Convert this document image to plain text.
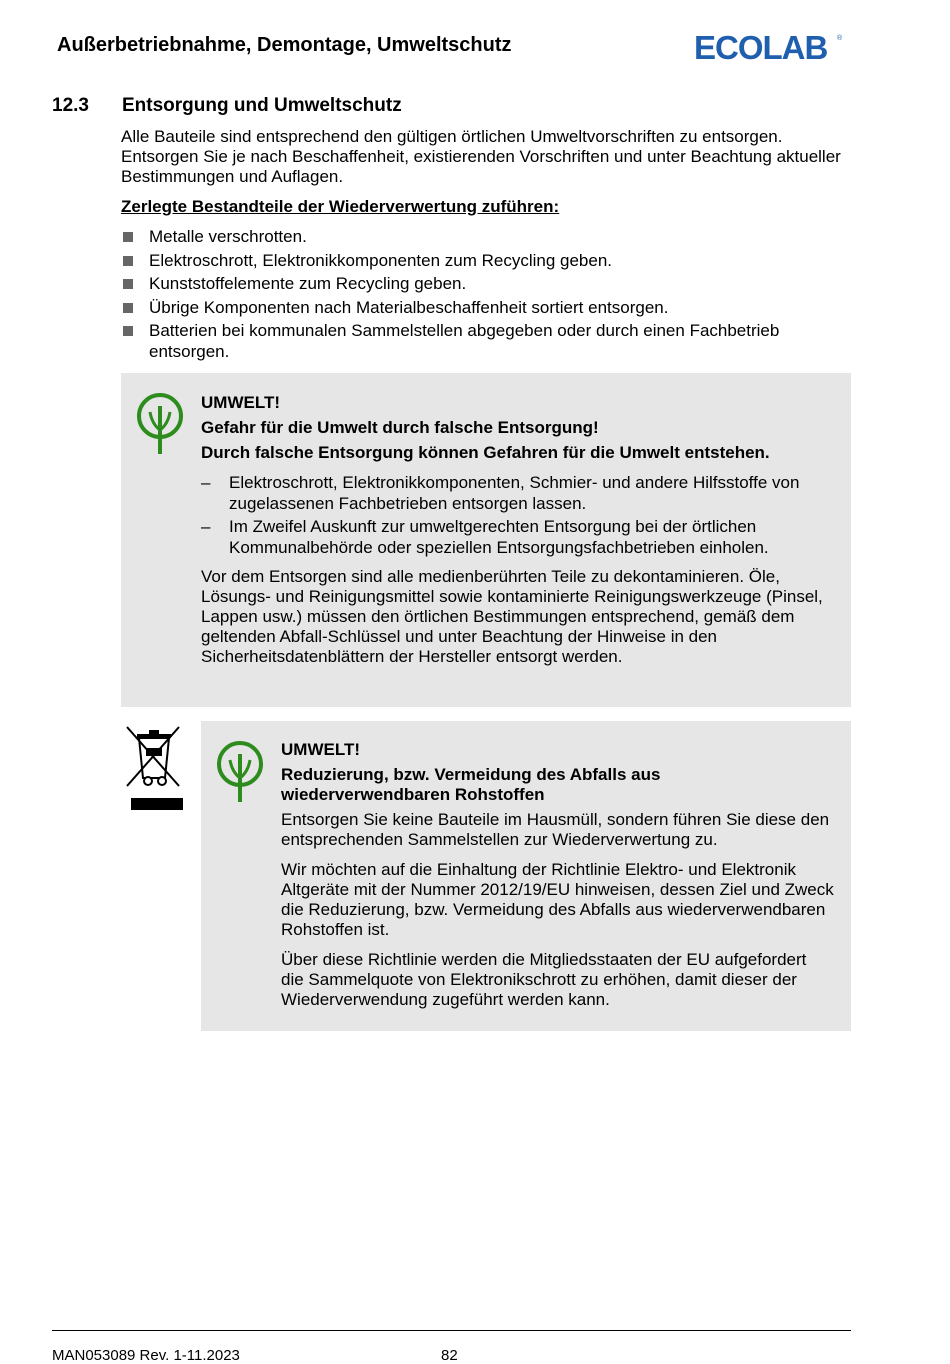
Außerbetriebnahme, Demontage, Umweltschutz	ECOLAB ®
12.3 Entsorgung und Umweltschutz
Alle Bauteile sind entsprechend den gültigen örtlichen Umweltvorschriften zu entsorgen. Entsorgen Sie je nach Beschaffenheit, existierenden Vorschriften und unter Beachtung aktueller Bestimmungen und Auflagen.
Zerlegte Bestandteile der Wiederverwertung zuführen:
Metalle verschrotten.
Elektroschrott, Elektronikkomponenten zum Recycling geben.
Kunststoffelemente zum Recycling geben.
Übrige Komponenten nach Materialbeschaffenheit sortiert entsorgen.
Batterien bei kommunalen Sammelstellen abgegeben oder durch einen Fachbetrieb entsorgen.
UMWELT!
Gefahr für die Umwelt durch falsche Entsorgung!
Durch falsche Entsorgung können Gefahren für die Umwelt entstehen.
– Elektroschrott, Elektronikkomponenten, Schmier- und andere Hilfsstoffe von zugelassenen Fachbetrieben entsorgen lassen.
– Im Zweifel Auskunft zur umweltgerechten Entsorgung bei der örtlichen Kommunalbehörde oder speziellen Entsorgungsfachbetrieben einholen.
Vor dem Entsorgen sind alle medienberührten Teile zu dekontaminieren. Öle, Lösungs- und Reinigungsmittel sowie kontaminierte Reinigungswerkzeuge (Pinsel, Lappen usw.) müssen den örtlichen Bestimmungen entsprechend, gemäß dem geltenden Abfall-Schlüssel und unter Beachtung der Hinweise in den Sicherheitsdatenblättern der Hersteller entsorgt werden.
UMWELT!
Reduzierung, bzw. Vermeidung des Abfalls aus wiederverwendbaren Rohstoffen
Entsorgen Sie keine Bauteile im Hausmüll, sondern führen Sie diese den entsprechenden Sammelstellen zur Wiederverwertung zu.
Wir möchten auf die Einhaltung der Richtlinie Elektro- und Elektronik Altgeräte mit der Nummer 2012/19/EU hinweisen, dessen Ziel und Zweck die Reduzierung, bzw. Vermeidung des Abfalls aus wiederverwendbaren Rohstoffen ist.
Über diese Richtlinie werden die Mitgliedsstaaten der EU aufgefordert die Sammelquote von Elektronikschrott zu erhöhen, damit dieser der Wiederverwendung zugeführt werden kann.
MAN053089 Rev. 1-11.2023	82
